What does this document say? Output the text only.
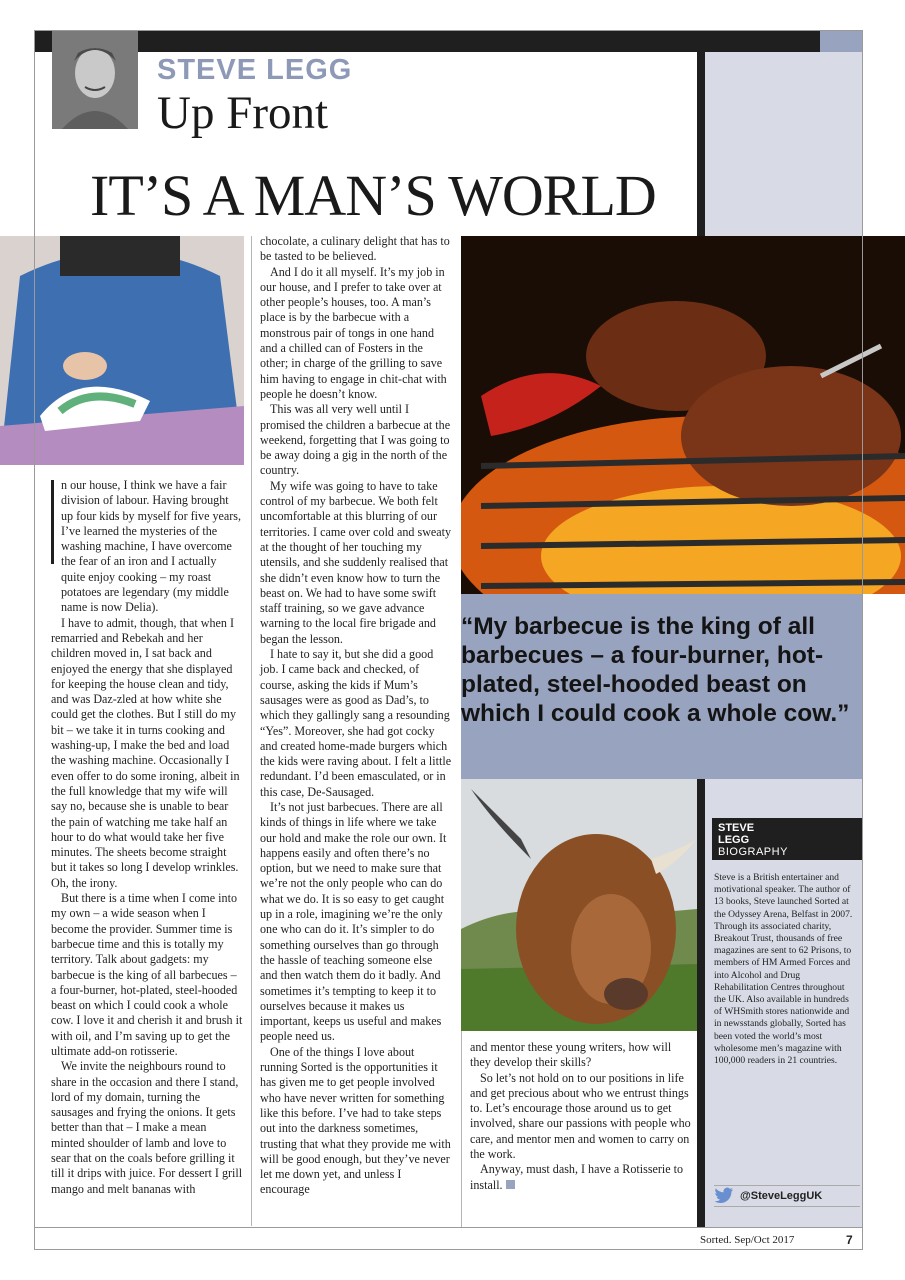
STEVE LEGG
Up Front
IT’S A MAN’S WORLD
“My barbecue is the king of all barbecues – a four-burner, hot-plated, steel-hooded beast on which I could cook a whole cow.”

n our house, I think we have a fair division of labour. Having brought up four kids by myself for five years, I’ve learned the mysteries of the washing machine, I have overcome the fear of an iron and I actually quite enjoy cooking – my roast potatoes are legendary (my middle name is now Delia).

I have to admit, though, that when I remarried and Rebekah and her children moved in, I sat back and enjoyed the energy that she displayed for keeping the house clean and tidy, and was Daz-zled at how white she could get the clothes. But I still do my bit – we take it in turns cooking and washing-up, I make the bed and load the washing machine. Occasionally I even offer to do some ironing, albeit in the full knowledge that my wife will say no, because she is unable to bear the pain of watching me take half an hour to do what would take her five minutes. The sheets become straight but it takes so long I develop wrinkles. Oh, the irony.

But there is a time when I come into my own – a wide season when I become the provider. Summer time is barbecue time and this is totally my territory. Talk about gadgets: my barbecue is the king of all barbecues – a four-burner, hot-plated, steel-hooded beast on which I could cook a whole cow. I love it and cherish it and brush it with oil, and I’m saving up to get the ultimate add-on rotisserie.

We invite the neighbours round to share in the occasion and there I stand, lord of my domain, turning the sausages and frying the onions. It gets better than that – I make a mean minted shoulder of lamb and love to sear that on the coals before grilling it till it drips with juice. For dessert I grill mango and melt bananas with

chocolate, a culinary delight that has to be tasted to be believed.

And I do it all myself. It’s my job in our house, and I prefer to take over at other people’s houses, too. A man’s place is by the barbecue with a monstrous pair of tongs in one hand and a chilled can of Fosters in the other; in charge of the grilling to save him having to engage in chit-chat with people he doesn’t know.

This was all very well until I promised the children a barbecue at the weekend, forgetting that I was going to be away doing a gig in the north of the country.

My wife was going to have to take control of my barbecue. We both felt uncomfortable at this blurring of our territories. I came over cold and sweaty at the thought of her touching my utensils, and she suddenly realised that she didn’t even know how to turn the beast on. We had to have some swift staff training, so we gave advance warning to the local fire brigade and began the lesson.

I hate to say it, but she did a good job. I came back and checked, of course, asking the kids if Mum’s sausages were as good as Dad’s, to which they gallingly sang a resounding “Yes”. Moreover, she had got cocky and created home-made burgers which the kids were raving about. I felt a little redundant. I’d been emasculated, or in this case, De-Sausaged.

It’s not just barbecues. There are all kinds of things in life where we take our hold and make the role our own. It happens easily and often there’s no option, but we need to make sure that we’re not the only people who can do what we do. It is so easy to get caught up in a role, imagining we’re the only one who can do it. It’s simpler to do something ourselves than go through the hassle of teaching someone else and then watch them do it badly. And sometimes it’s tempting to keep it to ourselves because it makes us important, keeps us useful and makes people need us.

One of the things I love about running Sorted is the opportunities it has given me to get people involved who have never written for something like this before. I’ve had to take steps out into the darkness sometimes, trusting that what they provide me with will be good enough, but they’ve never let me down yet, and unless I encourage

and mentor these young writers, how will they develop their skills?

So let’s not hold on to our positions in life and get precious about who we entrust things to. Let’s encourage those around us to get involved, share our passions with people who care, and mentor men and women to carry on the work.

Anyway, must dash, I have a Rotisserie to install.

STEVE
LEGG
BIOGRAPHY
Steve is a British entertainer and motivational speaker. The author of 13 books, Steve launched Sorted at the Odyssey Arena, Belfast in 2007. Through its associated charity, Breakout Trust, thousands of free magazines are sent to 62 Prisons, to members of HM Armed Forces and into Alcohol and Drug Rehabilitation Centres throughout the UK. Also available in hundreds of WHSmith stores nationwide and in newsstands globally, Sorted has been voted the world’s most wholesome men’s magazine with 100,000 readers in 21 countries.
@SteveLeggUK
Sorted. Sep/Oct 2017	7
